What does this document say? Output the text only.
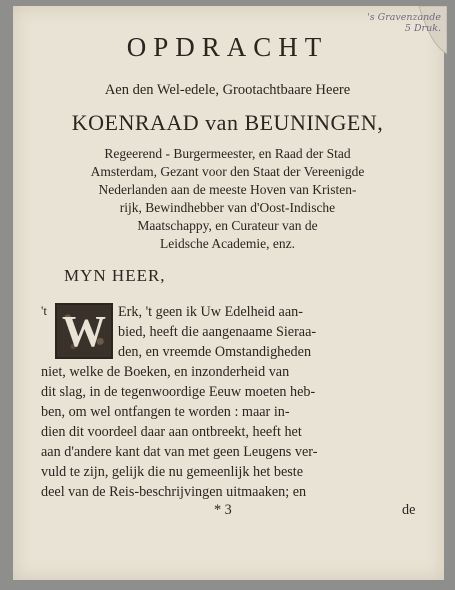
's Gravenzande
5 Druk.
OPDRACHT
Aen den Wel-edele, Grootachtbaare Heere
KOENRAAD van BEUNINGEN,
Regeerend - Burgermeester, en Raad der Stad
Amsterdam, Gezant voor den Staat der Vereenigde
Nederlanden aan de meeste Hoven van Kristen-
rijk, Bewindhebber van d'Oost-Indische
Maatschappy, en Curateur van de
Leidsche Academie, enz.
MYN HEER,
't W Erk, 't geen ik Uw Edelheid aan-
bied, heeft die aangenaame Sieraa-
den, en vreemde Omstandigheden
niet, welke de Boeken, en inzonderheid van
dit slag, in de tegenwoordige Eeuw moeten heb-
ben, om wel ontfangen te worden : maar in-
dien dit voordeel daar aan ontbreekt, heeft het
aan d'andere kant dat van met geen Leugens ver-
vuld te zijn, gelijk die nu gemeenlijk het beste
deel van de Reis-beschrijvingen uitmaaken; en
* 3	de
